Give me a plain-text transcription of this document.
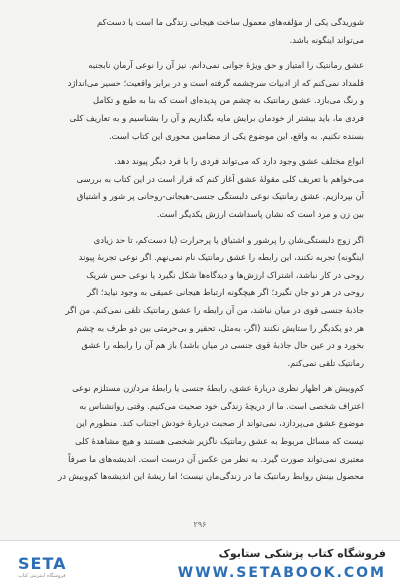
شوریدگی یکی از مؤلفه‌های معمول ساخت هیجانی زندگی ما است یا دست‌کم
می‌تواند اینگونه باشد.
عشق رمانتیک را امتیاز و حق ویژهٔ جوانی نمی‌دانم. نیز آن را نوعی آرمان نابجنبه
قلمداد نمی‌کنم که از ادبیات سرچشمه گرفته است و در برابر واقعیت؛ حسیر می‌انداژد
و رنگ می‌بازد. عشق رمانتیک به چشم من پدیده‌ای است که بنا به طبع و تکامل
فردی ما، باید بیشتر از خودمان برایش مایه بگذاریم و آن را بشناسیم و به تعاریف کلی
بسنده نکنیم. به واقع، این موضوع یکی از مضامین محوری این کتاب است.
انواع مختلف عشق وجود دارد که می‌تواند فردی را با فرد دیگر پیوند دهد.
می‌خواهم با تعریف کلی مقولهٔ عشق آغاز کنم که قرار است در این کتاب به بررسی
آن بپردازیم. عشق رمانتیک نوعی دلبستگی جنسی-هیجانی-روحانی پر شور و اشتیاق
بین زن و مرد است که نشان پاسداشت ارزش یکدیگر است.
اگر زوج دلبستگی‌شان را پرشور و اشتیاق یا پرحرارت (یا دست‌کم، تا حد زیادی
اینگونه) تجربه نکنند، این رابطه را عشق رمانتیک نام نمی‌نهم. اگر نوعی تجربهٔ پیوند
روحی در کار نباشد، اشتراک ارزش‌ها و دیدگاه‌ها شکل نگیرد یا نوعی حس شریک
روحی در هر دو جان نگیرد؛ اگر هیچگونه ارتباط هیجانی عمیقی به وجود نیاید؛ اگر
جاذبهٔ جنسی قوی در میان نباشد، من آن رابطه را عشق رمانتیک تلقی نمی‌کنم. من اگر
هر دو یکدیگر را ستایش نکنند (اگر، به‌مثل، تحقیر و بی‌حرمتی بین دو طرف به چشم
بخورد و در عین حال جاذبهٔ قوی جنسی در میان باشد) باز هم آن را رابطه را عشق
رمانتیک تلقی نمی‌کنم.
کم‌وبیش هر اظهار نظری دربارهٔ عشق، رابطهٔ جنسی یا رابطهٔ مرد/زن مستلزم نوعی
اعتراف شخصی است. ما از دریچهٔ زندگی خود صحبت می‌کنیم. وقتی روانشناس به
موضوع عشق می‌پردازد، نمی‌تواند از صحبت دربارهٔ خودش اجتناب کند. منظورم این
نیست که مسائل مربوط به عشق رمانتیک ناگزیر شخصی هستند و هیچ مشاهدهٔ کلی
معتبری نمی‌تواند صورت گیرد. به نظر من عکس آن درست است. اندیشه‌های ما صرفاً
محصول بینش روابط رمانتیک ما در زندگی‌مان نیست؛ اما ریشهٔ این اندیشه‌ها کم‌وبیش در
۲۹۶
SETA
فروشگاه اینترنتی کتاب
فروشگاه کتاب پزشکی ستابوک
WWW.SETABOOK.COM
